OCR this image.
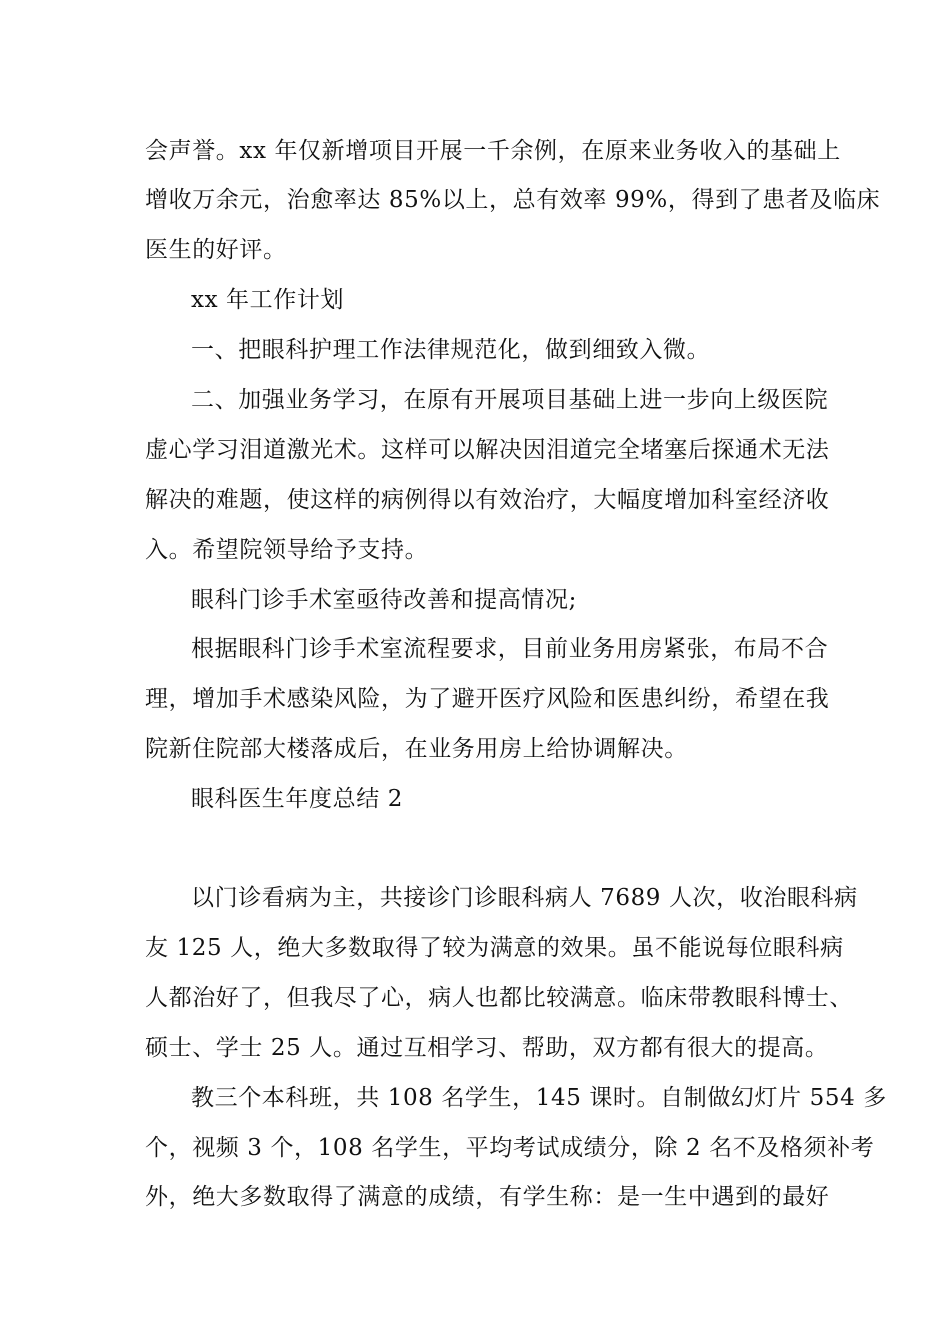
会声誉。xx 年仅新增项目开展一千余例，在原来业务收入的基础上
增收万余元，治愈率达 85%以上，总有效率 99%，得到了患者及临床
医生的好评。
xx 年工作计划
一、把眼科护理工作法律规范化，做到细致入微。
二、加强业务学习，在原有开展项目基础上进一步向上级医院
虚心学习泪道激光术。这样可以解决因泪道完全堵塞后探通术无法
解决的难题，使这样的病例得以有效治疗，大幅度增加科室经济收
入。希望院领导给予支持。
眼科门诊手术室亟待改善和提高情况;
根据眼科门诊手术室流程要求，目前业务用房紧张，布局不合
理，增加手术感染风险，为了避开医疗风险和医患纠纷，希望在我
院新住院部大楼落成后，在业务用房上给协调解决。
眼科医生年度总结 2
以门诊看病为主，共接诊门诊眼科病人 7689 人次，收治眼科病
友 125 人，绝大多数取得了较为满意的效果。虽不能说每位眼科病
人都治好了，但我尽了心，病人也都比较满意。临床带教眼科博士、
硕士、学士 25 人。通过互相学习、帮助，双方都有很大的提高。
教三个本科班，共 108 名学生，145 课时。自制做幻灯片 554 多
个，视频 3 个，108 名学生，平均考试成绩分，除 2 名不及格须补考
外，绝大多数取得了满意的成绩，有学生称：是一生中遇到的最好
